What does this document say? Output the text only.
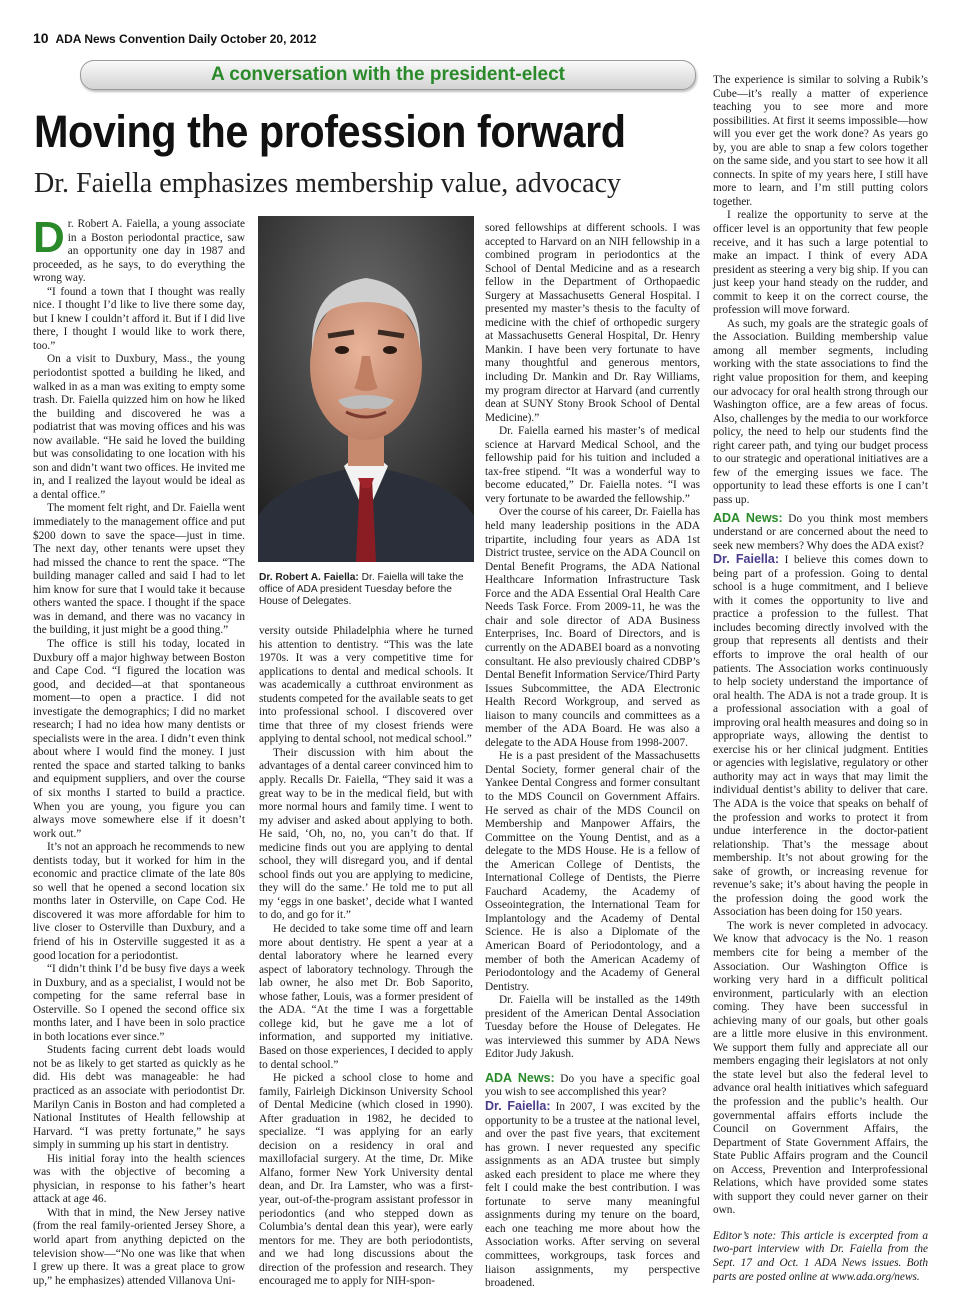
10 ADA News Convention Daily October 20, 2012
A conversation with the president-elect
Moving the profession forward
Dr. Faiella emphasizes membership value, advocacy

Dr. Robert A. Faiella, a young associate in a Boston periodontal practice, saw an opportunity one day in 1987 and proceeded, as he says, to do everything the wrong way.

“I found a town that I thought was really nice. I thought I’d like to live there some day, but I knew I couldn’t afford it. But if I did live there, I thought I would like to work there, too.”

On a visit to Duxbury, Mass., the young periodontist spotted a building he liked, and walked in as a man was exiting to empty some trash. Dr. Faiella quizzed him on how he liked the building and discovered he was a podiatrist that was moving offices and his was now available. “He said he loved the building but was consolidating to one location with his son and didn’t want two offices. He invited me in, and I realized the layout would be ideal as a dental office.”

The moment felt right, and Dr. Faiella went immediately to the management office and put $200 down to save the space—just in time. The next day, other tenants were upset they had missed the chance to rent the space. “The building manager called and said I had to let him know for sure that I would take it because others wanted the space. I thought if the space was in demand, and there was no vacancy in the building, it just might be a good thing.”

The office is still his today, located in Duxbury off a major highway between Boston and Cape Cod. “I figured the location was good, and decided—at that spontaneous moment—to open a practice. I did not investigate the demographics; I did no market research; I had no idea how many dentists or specialists were in the area. I didn’t even think about where I would find the money. I just rented the space and started talking to banks and equipment suppliers, and over the course of six months I started to build a practice. When you are young, you figure you can always move somewhere else if it doesn’t work out.”

It’s not an approach he recommends to new dentists today, but it worked for him in the economic and practice climate of the late 80s so well that he opened a second location six months later in Osterville, on Cape Cod. He discovered it was more affordable for him to live closer to Osterville than Duxbury, and a friend of his in Osterville suggested it as a good location for a periodontist.

“I didn’t think I’d be busy five days a week in Duxbury, and as a specialist, I would not be competing for the same referral base in Osterville. So I opened the second office six months later, and I have been in solo practice in both locations ever since.”

Students facing current debt loads would not be as likely to get started as quickly as he did. His debt was manageable: he had practiced as an associate with periodontist Dr. Marilyn Canis in Boston and had completed a National Institutes of Health fellowship at Harvard. “I was pretty fortunate,” he says simply in summing up his start in dentistry.

His initial foray into the health sciences was with the objective of becoming a physician, in response to his father’s heart attack at age 46.

With that in mind, the New Jersey native (from the real family-oriented Jersey Shore, a world apart from anything depicted on the television show—“No one was like that when I grew up there. It was a great place to grow up,” he emphasizes) attended Villanova Uni-

Dr. Robert A. Faiella: Dr. Faiella will take the office of ADA president Tuesday before the House of Delegates.

versity outside Philadelphia where he turned his attention to dentistry. “This was the late 1970s. It was a very competitive time for applications to dental and medical schools. It was academically a cutthroat environment as students competed for the available seats to get into professional school. I discovered over time that three of my closest friends were applying to dental school, not medical school.”

Their discussion with him about the advantages of a dental career convinced him to apply. Recalls Dr. Faiella, “They said it was a great way to be in the medical field, but with more normal hours and family time. I went to my adviser and asked about applying to both. He said, ‘Oh, no, no, you can’t do that. If medicine finds out you are applying to dental school, they will disregard you, and if dental school finds out you are applying to medicine, they will do the same.’ He told me to put all my ‘eggs in one basket’, decide what I wanted to do, and go for it.”

He decided to take some time off and learn more about dentistry. He spent a year at a dental laboratory where he learned every aspect of laboratory technology. Through the lab owner, he also met Dr. Bob Saporito, whose father, Louis, was a former president of the ADA. “At the time I was a forgettable college kid, but he gave me a lot of information, and supported my initiative. Based on those experiences, I decided to apply to dental school.”

He picked a school close to home and family, Fairleigh Dickinson University School of Dental Medicine (which closed in 1990). After graduation in 1982, he decided to specialize. “I was applying for an early decision on a residency in oral and maxillofacial surgery. At the time, Dr. Mike Alfano, former New York University dental dean, and Dr. Ira Lamster, who was a first-year, out-of-the-program assistant professor in periodontics (and who stepped down as Columbia’s dental dean this year), were early mentors for me. They are both periodontists, and we had long discussions about the direction of the profession and research. They encouraged me to apply for NIH-spon-

sored fellowships at different schools. I was accepted to Harvard on an NIH fellowship in a combined program in periodontics at the School of Dental Medicine and as a research fellow in the Department of Orthopaedic Surgery at Massachusetts General Hospital. I presented my master’s thesis to the faculty of medicine with the chief of orthopedic surgery at Massachusetts General Hospital, Dr. Henry Mankin. I have been very fortunate to have many thoughtful and generous mentors, including Dr. Mankin and Dr. Ray Williams, my program director at Harvard (and currently dean at SUNY Stony Brook School of Dental Medicine).”

Dr. Faiella earned his master’s of medical science at Harvard Medical School, and the fellowship paid for his tuition and included a tax-free stipend. “It was a wonderful way to become educated,” Dr. Faiella notes. “I was very fortunate to be awarded the fellowship.”

Over the course of his career, Dr. Faiella has held many leadership positions in the ADA tripartite, including four years as ADA 1st District trustee, service on the ADA Council on Dental Benefit Programs, the ADA National Healthcare Information Infrastructure Task Force and the ADA Essential Oral Health Care Needs Task Force. From 2009-11, he was the chair and sole director of ADA Business Enterprises, Inc. Board of Directors, and is currently on the ADABEI board as a nonvoting consultant. He also previously chaired CDBP’s Dental Benefit Information Service/Third Party Issues Subcommittee, the ADA Electronic Health Record Workgroup, and served as liaison to many councils and committees as a member of the ADA Board. He was also a delegate to the ADA House from 1998-2007.

He is a past president of the Massachusetts Dental Society, former general chair of the Yankee Dental Congress and former consultant to the MDS Council on Government Affairs. He served as chair of the MDS Council on Membership and Manpower Affairs, the Committee on the Young Dentist, and as a delegate to the MDS House. He is a fellow of the American College of Dentists, the International College of Dentists, the Pierre Fauchard Academy, the Academy of Osseointegration, the International Team for Implantology and the Academy of Dental Science. He is also a Diplomate of the American Board of Periodontology, and a member of both the American Academy of Periodontology and the Academy of General Dentistry.

Dr. Faiella will be installed as the 149th president of the American Dental Association Tuesday before the House of Delegates. He was interviewed this summer by ADA News Editor Judy Jakush.

ADA News: Do you have a specific goal you wish to see accomplished this year?

Dr. Faiella: In 2007, I was excited by the opportunity to be a trustee at the national level, and over the past five years, that excitement has grown. I never requested any specific assignments as an ADA trustee but simply asked each president to place me where they felt I could make the best contribution. I was fortunate to serve many meaningful assignments during my tenure on the board, each one teaching me more about how the Association works. After serving on several committees, workgroups, task forces and liaison assignments, my perspective broadened.

The experience is similar to solving a Rubik’s Cube—it’s really a matter of experience teaching you to see more and more possibilities. At first it seems impossible—how will you ever get the work done? As years go by, you are able to snap a few colors together on the same side, and you start to see how it all connects. In spite of my years here, I still have more to learn, and I’m still putting colors together.

I realize the opportunity to serve at the officer level is an opportunity that few people receive, and it has such a large potential to make an impact. I think of every ADA president as steering a very big ship. If you can just keep your hand steady on the rudder, and commit to keep it on the correct course, the profession will move forward.

As such, my goals are the strategic goals of the Association. Building membership value among all member segments, including working with the state associations to find the right value proposition for them, and keeping our advocacy for oral health strong through our Washington office, are a few areas of focus. Also, challenges by the media to our workforce policy, the need to help our students find the right career path, and tying our budget process to our strategic and operational initiatives are a few of the emerging issues we face. The opportunity to lead these efforts is one I can’t pass up.

ADA News: Do you think most members understand or are concerned about the need to seek new members? Why does the ADA exist?

Dr. Faiella: I believe this comes down to being part of a profession. Going to dental school is a huge commitment, and I believe with it comes the opportunity to live and practice a profession to the fullest. That includes becoming directly involved with the group that represents all dentists and their efforts to improve the oral health of our patients. The Association works continuously to help society understand the importance of oral health. The ADA is not a trade group. It is a professional association with a goal of improving oral health measures and doing so in appropriate ways, allowing the dentist to exercise his or her clinical judgment. Entities or agencies with legislative, regulatory or other authority may act in ways that may limit the individual dentist’s ability to deliver that care. The ADA is the voice that speaks on behalf of the profession and works to protect it from undue interference in the doctor-patient relationship. That’s the message about membership. It’s not about growing for the sake of growth, or increasing revenue for revenue’s sake; it’s about having the people in the profession doing the good work the Association has been doing for 150 years.

The work is never completed in advocacy. We know that advocacy is the No. 1 reason members cite for being a member of the Association. Our Washington Office is working very hard in a difficult political environment, particularly with an election coming. They have been successful in achieving many of our goals, but other goals are a little more elusive in this environment. We support them fully and appreciate all our members engaging their legislators at not only the state level but also the federal level to advance oral health initiatives which safeguard the profession and the public’s health. Our governmental affairs efforts include the Council on Government Affairs, the Department of State Government Affairs, the State Public Affairs program and the Council on Access, Prevention and Interprofessional Relations, which have provided some states with support they could never garner on their own.

Editor’s note: This article is excerpted from a two-part interview with Dr. Faiella from the Sept. 17 and Oct. 1 ADA News issues. Both parts are posted online at www.ada.org/news.
